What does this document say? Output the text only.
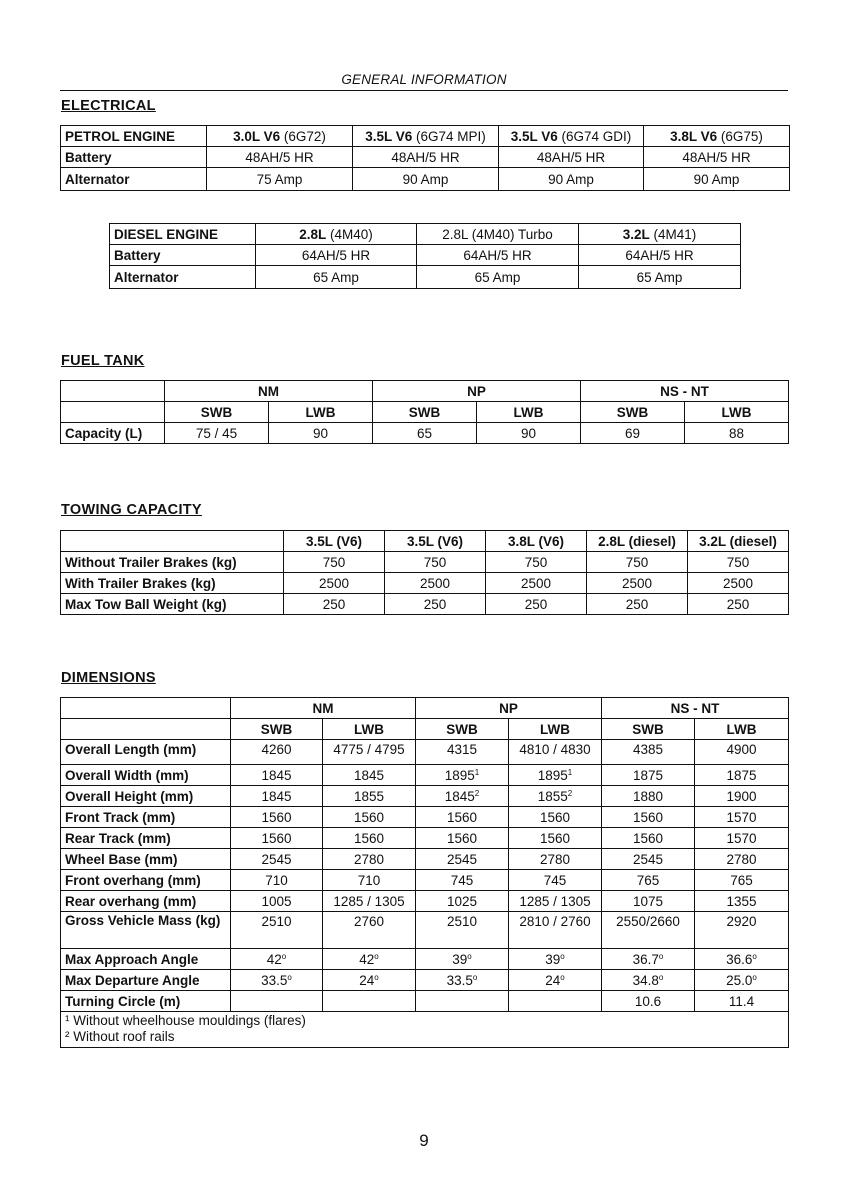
GENERAL INFORMATION
ELECTRICAL
PETROL ENGINE	3.0L V6 (6G72)	3.5L V6 (6G74 MPI)	3.5L V6 (6G74 GDI)	3.8L V6 (6G75)
Battery	48AH/5 HR	48AH/5 HR	48AH/5 HR	48AH/5 HR
Alternator	75 Amp	90 Amp	90 Amp	90 Amp
DIESEL ENGINE	2.8L (4M40)	2.8L (4M40) Turbo	3.2L (4M41)
Battery	64AH/5 HR	64AH/5 HR	64AH/5 HR
Alternator	65 Amp	65 Amp	65 Amp
FUEL TANK
	NM		NP		NS - NT	
	SWB	LWB	SWB	LWB	SWB	LWB
Capacity (L)	75 / 45	90	65	90	69	88
TOWING CAPACITY
	3.5L (V6)	3.5L (V6)	3.8L (V6)	2.8L (diesel)	3.2L (diesel)
Without Trailer Brakes (kg)	750	750	750	750	750
With Trailer Brakes (kg)	2500	2500	2500	2500	2500
Max Tow Ball Weight (kg)	250	250	250	250	250
DIMENSIONS
	NM		NP		NS - NT	
	SWB	LWB	SWB	LWB	SWB	LWB
Overall Length (mm)	4260	4775 / 4795	4315	4810 / 4830	4385	4900
Overall Width (mm)	1845	1845	1895$^1$	1895$^1$	1875	1875
Overall Height (mm)	1845	1855	1845$^2$	1855$^2$	1880	1900
Front Track (mm)	1560	1560	1560	1560	1560	1570
Rear Track (mm)	1560	1560	1560	1560	1560	1570
Wheel Base (mm)	2545	2780	2545	2780	2545	2780
Front overhang (mm)	710	710	745	745	765	765
Rear overhang (mm)	1005	1285 / 1305	1025	1285 / 1305	1075	1355
Gross Vehicle Mass (kg)	2510	2760	2510	2810 / 2760	2550/2660	2920
Max Approach Angle	42$^o$	42$^o$	39$^o$	39$^o$	36.7$^o$	36.6$^o$
Max Departure Angle	33.5$^o$	24$^o$	33.5$^o$	24$^o$	34.8$^o$	25.0$^o$
Turning Circle (m)					10.6	11.4

¹ Without wheelhouse mouldings (flares)
² Without roof rails						
9
